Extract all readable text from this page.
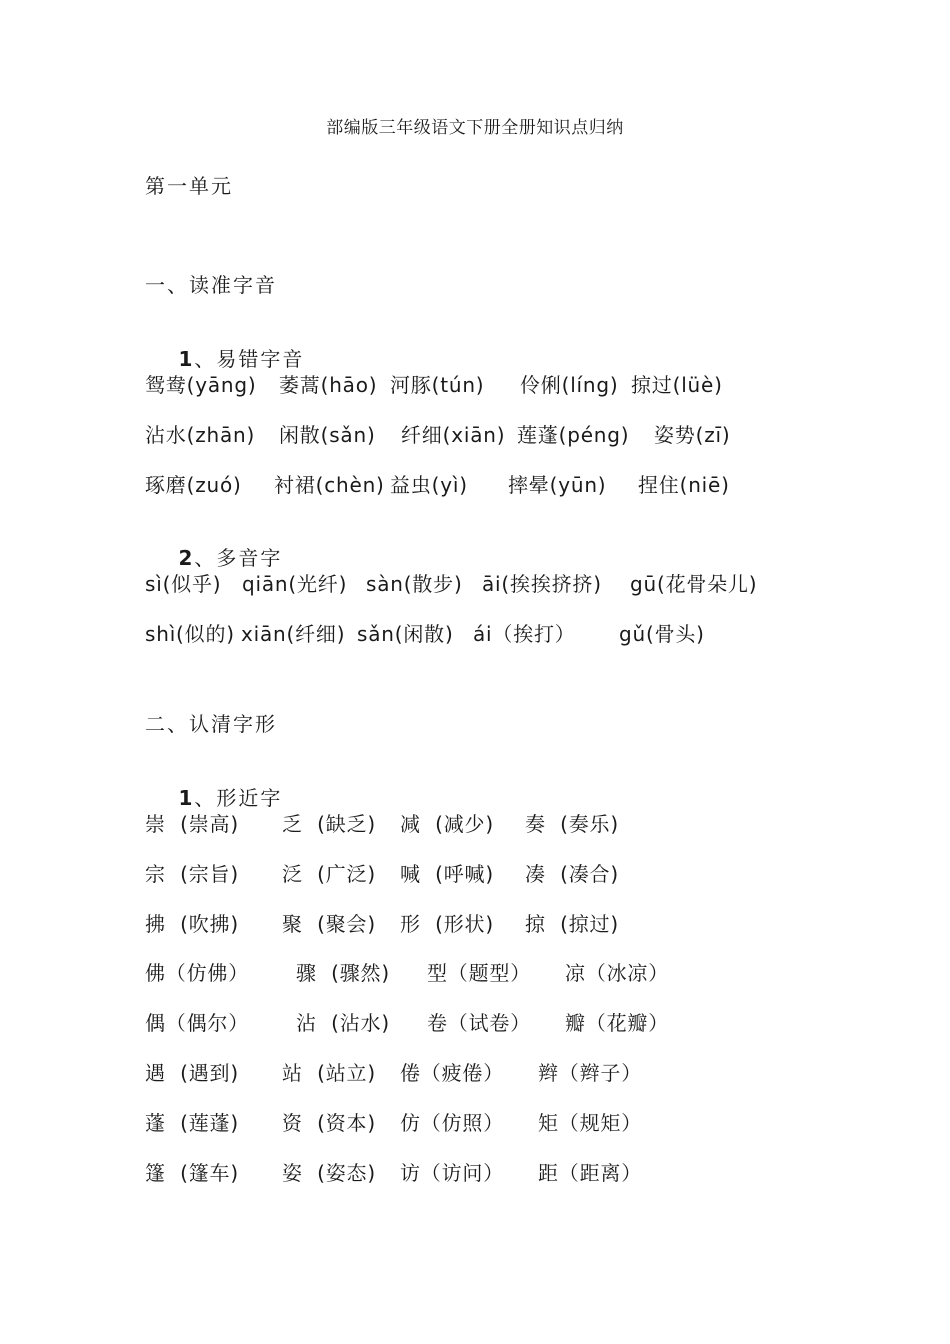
部编版三年级语文下册全册知识点归纳
第一单元
一、读准字音

1、易错字音

鸳鸯(yāng)

萎蒿(hāo)

河豚(tún)

伶俐(líng)

掠过(lüè)

沾水(zhān)

闲散(sǎn)

纤细(xiān)

莲蓬(péng)

姿势(zī)

琢磨(zuó)

衬裙(chèn)

益虫(yì)

摔晕(yūn)

捏住(niē)

2、多音字

sì(似乎)

qiān(光纤)

sàn(散步)

āi(挨挨挤挤)

gū(花骨朵儿)

shì(似的)

xiān(纤细)

sǎn(闲散)

ái（挨打）

gǔ(骨头)

二、认清字形

1、形近字

崇  (崇高)

乏  (缺乏)

减  (减少)

奏  (奏乐)

宗  (宗旨)

泛  (广泛)

喊  (呼喊)

凑  (凑合)

拂  (吹拂)

聚  (聚会)

形  (形状)

掠  (掠过)

佛（仿佛）

骤  (骤然)

型（题型）

凉（冰凉）

偶（偶尔）

沾  (沾水)

卷（试卷）

瓣（花瓣）

遇  (遇到)

站  (站立)

倦（疲倦）

辫（辫子）

蓬  (莲蓬)

资  (资本)

仿（仿照）

矩（规矩）

篷  (篷车)

姿  (姿态)

访（访问）

距（距离）
